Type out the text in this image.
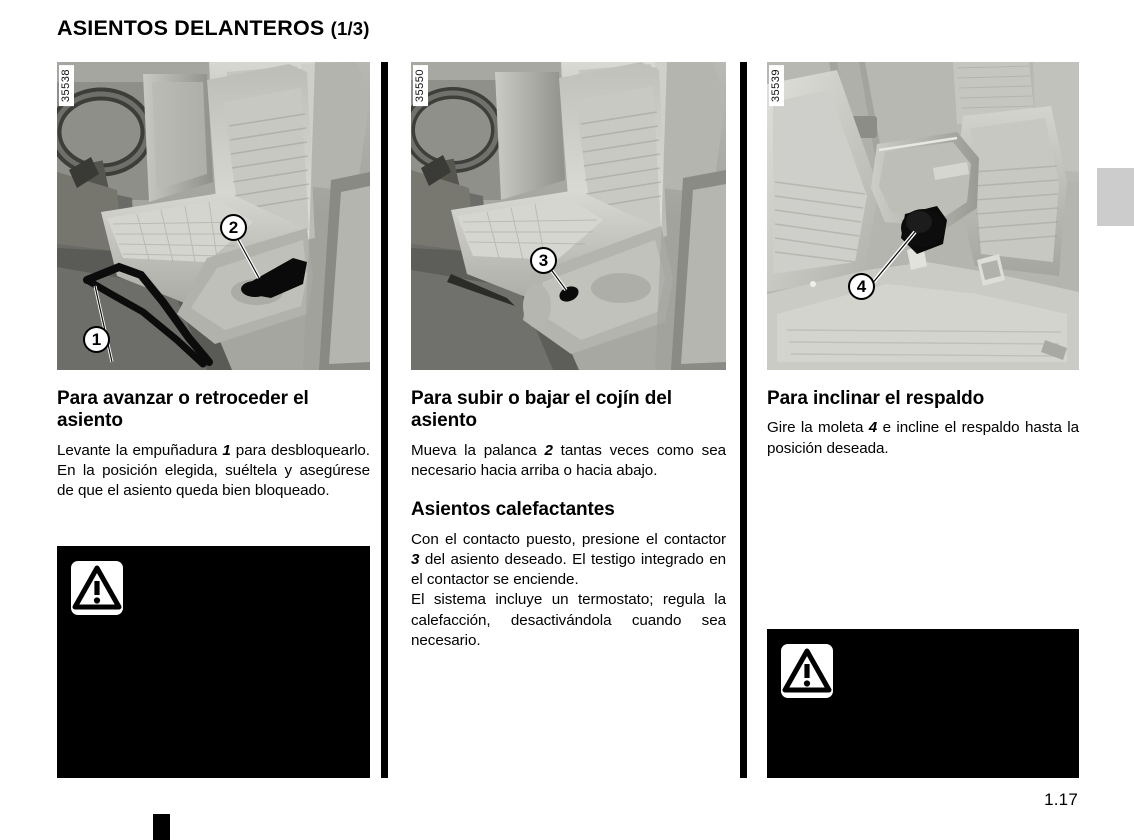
ASIENTOS DELANTEROS (1/3)
35538
1
2
Para avanzar o retroceder el asiento

Levante la empuñadura 1 para desbloquearlo. En la posición elegida, suéltela y asegúrese de que el asiento queda bien bloqueado.

35550
3
Para subir o bajar el cojín del asiento

Mueva la palanca 2 tantas veces como sea necesario hacia arriba o hacia abajo.

Asientos calefactantes

Con el contacto puesto, presione el contactor 3 del asiento deseado. El testigo integrado en el contactor se enciende.

El sistema incluye un termostato; regula la calefacción, desactivándola cuando sea necesario.

35539
4
Para inclinar el respaldo

Gire la moleta 4 e incline el respaldo hasta la posición deseada.

1.17
